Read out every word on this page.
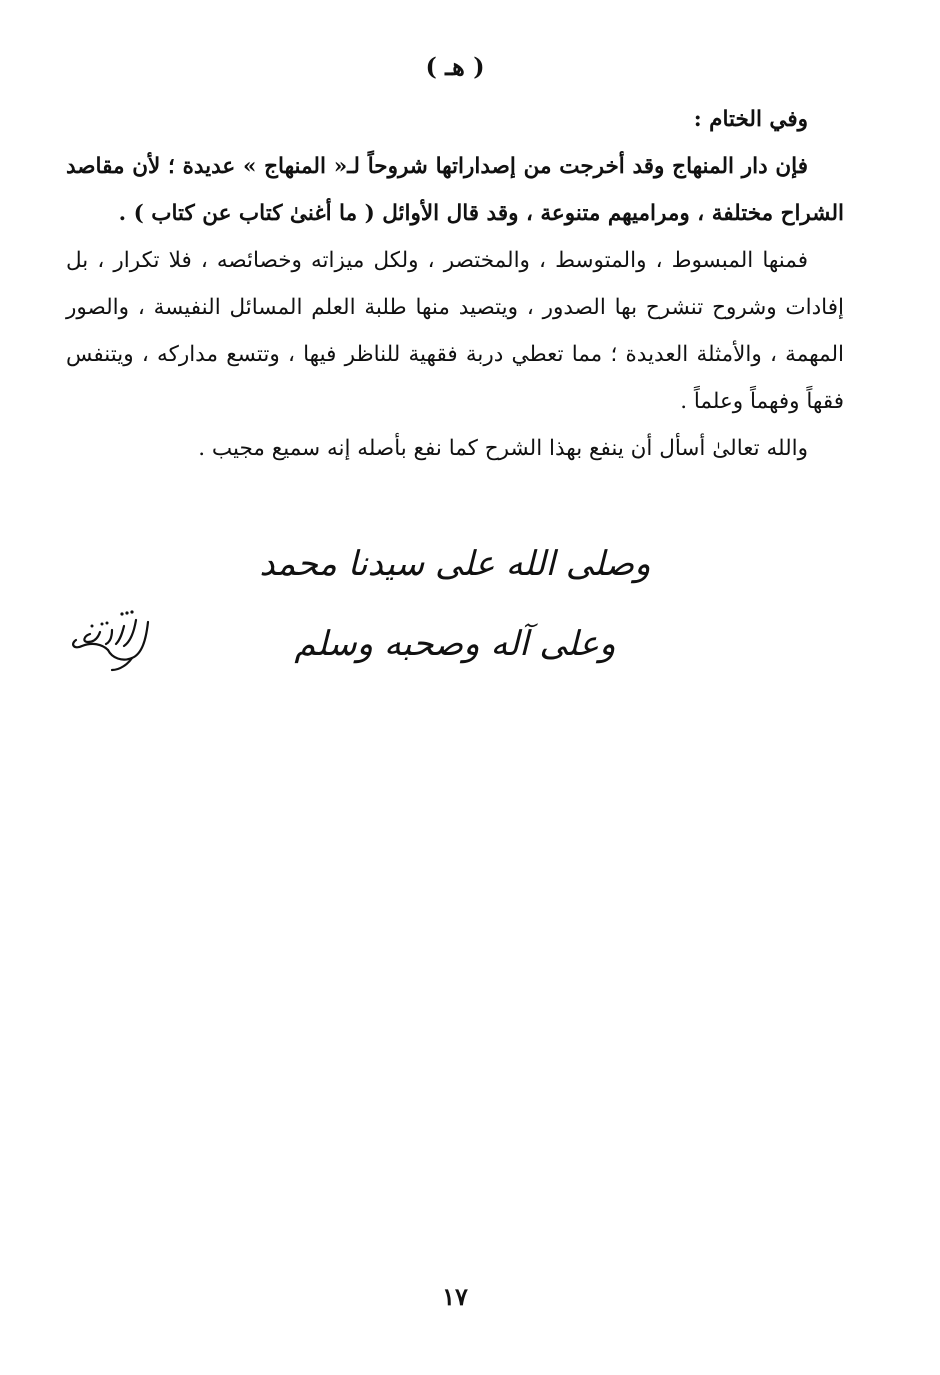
( هـ )

وفي الختام :

فإن دار المنهاج وقد أخرجت من إصداراتها شروحاً لـ« المنهاج » عديدة ؛ لأن مقاصد الشراح مختلفة ، ومراميهم متنوعة ، وقد قال الأوائل ( ما أغنىٰ كتاب عن كتاب ) .

فمنها المبسوط ، والمتوسط ، والمختصر ، ولكل ميزاته وخصائصه ، فلا تكرار ، بل إفادات وشروح تنشرح بها الصدور ، ويتصيد منها طلبة العلم المسائل النفيسة ، والصور المهمة ، والأمثلة العديدة ؛ مما تعطي دربة فقهية للناظر فيها ، وتتسع مداركه ، ويتنفس فقهاً وفهماً وعلماً .

والله تعالىٰ أسأل أن ينفع بهذا الشرح كما نفع بأصله إنه سميع مجيب .

وصلى الله على سيدنا محمد وعلى آله وصحبه وسلم
١٧
